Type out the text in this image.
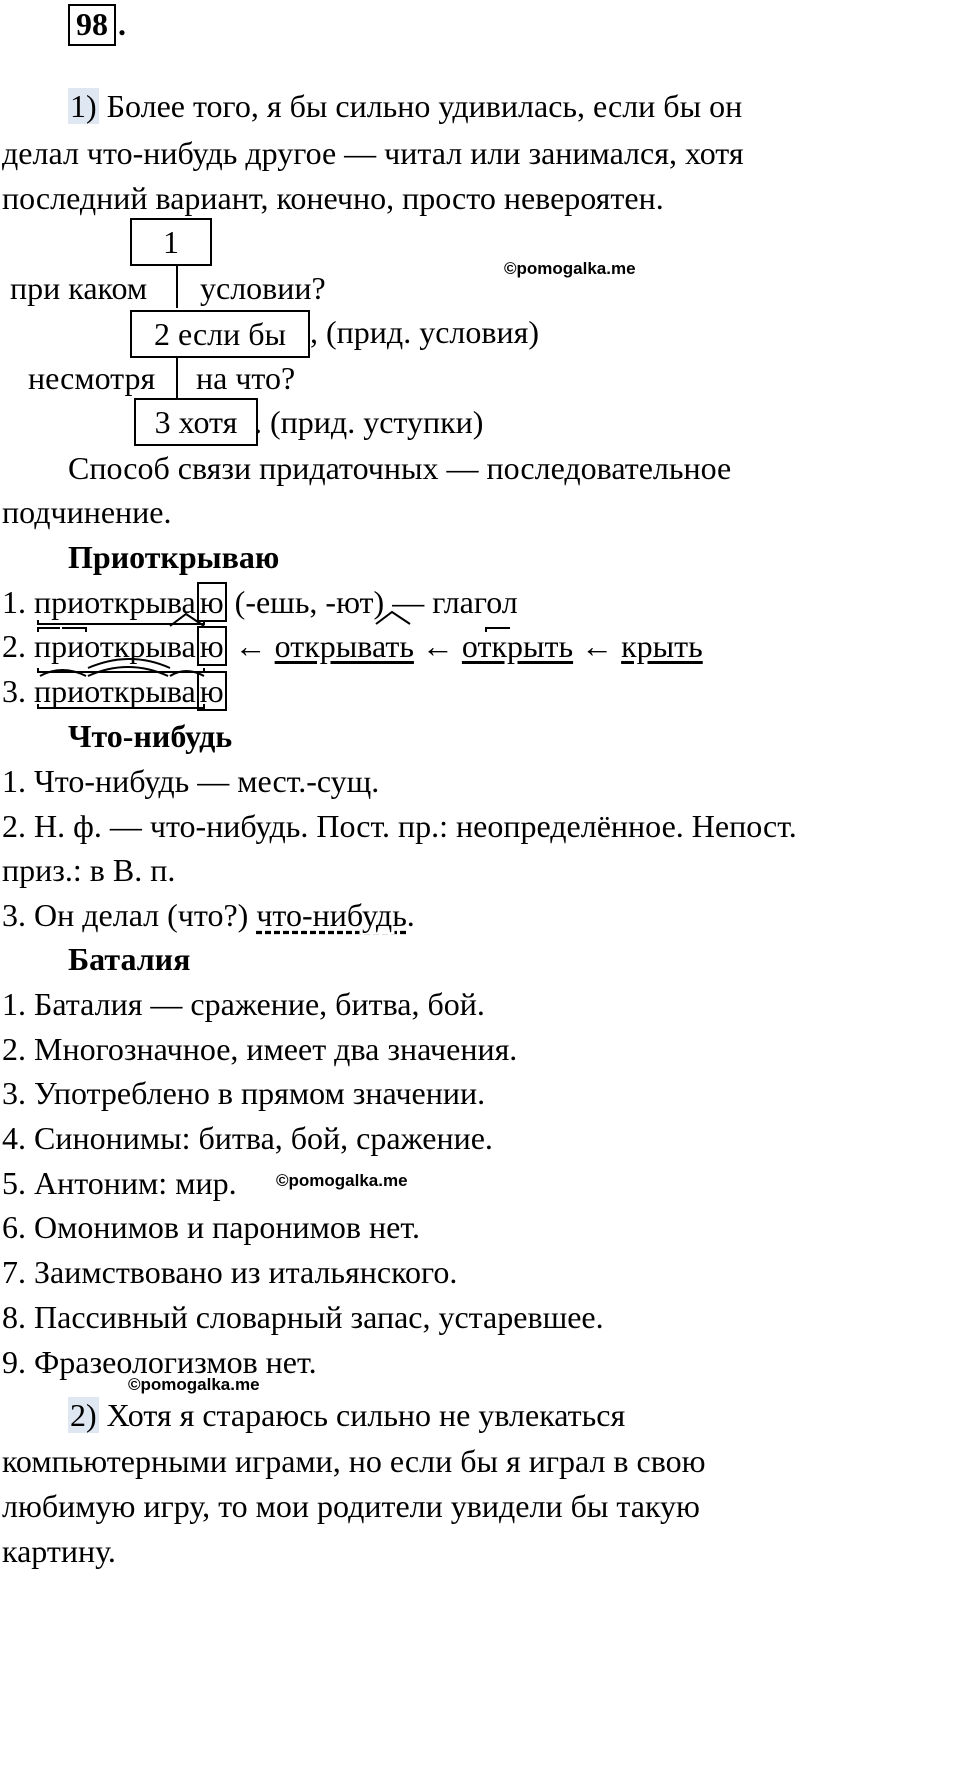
98 .
1) Более того, я бы сильно удивилась, если бы он
делал что-нибудь другое — читал или занимался, хотя
последний вариант, конечно, просто невероятен.
1
при каком условии?
2 если бы , (прид. условия)
несмотря на что?
3 хотя . (прид. уступки)
©pomogalka.me
Способ связи придаточных — последовательное
подчинение.
Приоткрываю
1. приоткрыва ю (-ешь, -ют) — глагол
2. приоткрыва ю ← открывать ← открыть ← крыть
3. приоткрыва ю
Что-нибудь
1. Что-нибудь — мест.-сущ.
2. Н. ф. — что-нибудь. Пост. пр.: неопределённое. Непост.
приз.: в В. п.
3. Он делал (что?) что-нибудь.
Баталия
1. Баталия — сражение, битва, бой.
2. Многозначное, имеет два значения.
3. Употреблено в прямом значении.
4. Синонимы: битва, бой, сражение.
5. Антоним: мир. ©pomogalka.me
6. Омонимов и паронимов нет.
7. Заимствовано из итальянского.
8. Пассивный словарный запас, устаревшее.
9. Фразеологизмов нет.
©pomogalka.me
2) Хотя я стараюсь сильно не увлекаться
компьютерными играми, но если бы я играл в свою
любимую игру, то мои родители увидели бы такую
картину.
